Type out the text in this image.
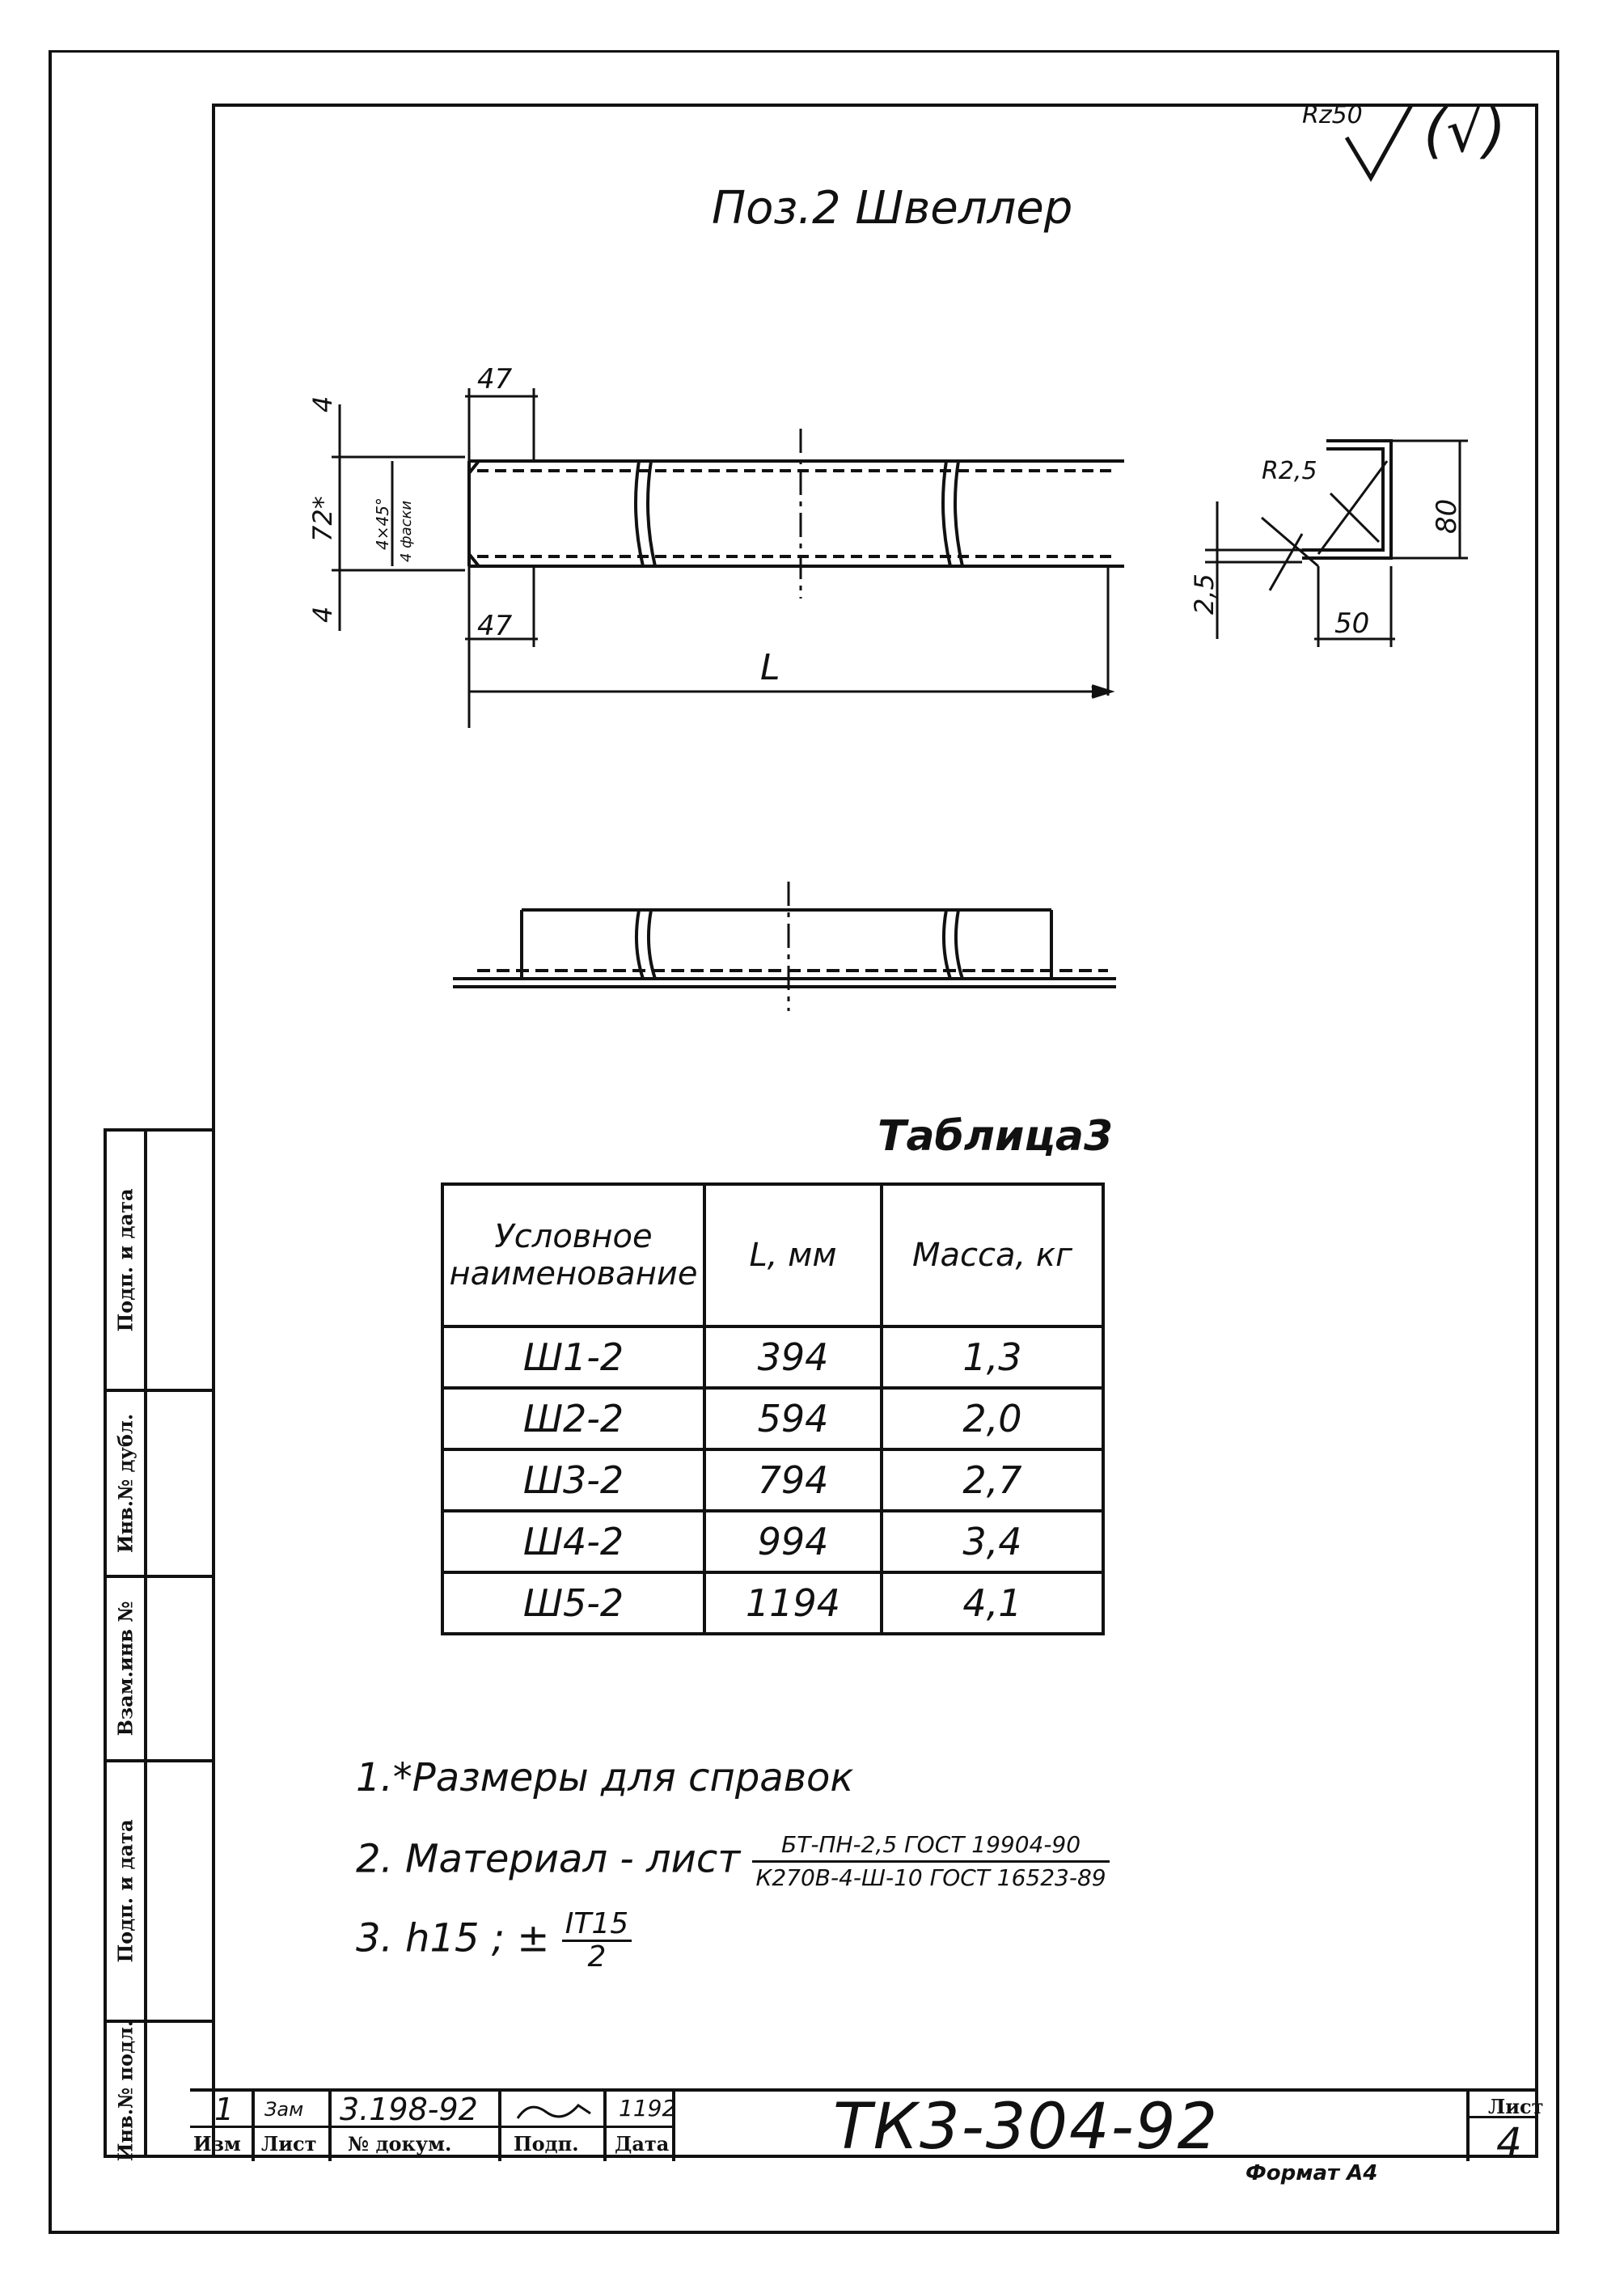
Rz50 (√)
Поз.2 Швеллер
47
47
72*
4
4
4×45° 4 фаски
L
R2,5
80
50
2,5
Таблица3
Условное наименование	L, мм	Масса, кг
Ш1-2	394	1,3
Ш2-2	594	2,0
Ш3-2	794	2,7
Ш4-2	994	3,4
Ш5-2	1194	4,1
1.*Размеры для справок
2. Материал - лист $\frac{\text{БТ-ПН-2,5 ГОСТ 19904-90}}{\text{К270В-4-Ш-10 ГОСТ 16523-89}}$
3. h15 ; ± $\frac{IT15}{2}$
Подп. и дата
Инв.№ дубл.
Взам.инв №
Подп. и дата
Инв.№ подл.	1 Зам 3.198-92	1192
Изм Лист № докум.	Подп. Дата	ТК3-304-92	Лист
4
Формат А4
